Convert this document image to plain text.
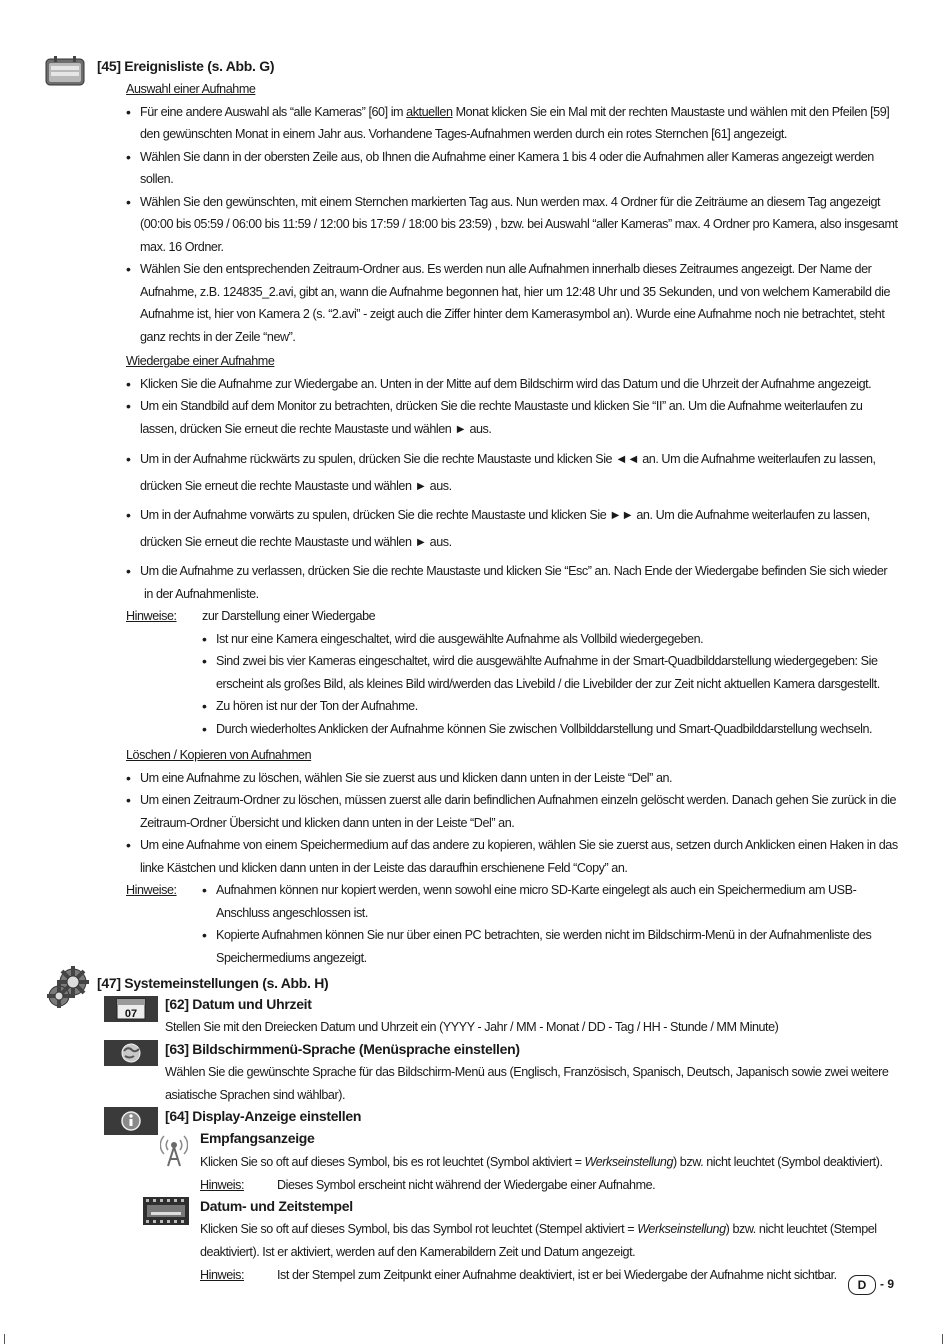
[45] Ereignisliste (s. Abb. G)
Auswahl einer Aufnahme
• Für eine andere Auswahl als “alle Kameras” [60] im aktuellen Monat klicken Sie ein Mal mit der rechten Maustaste und wählen mit den Pfeilen [59] den gewünschten Monat in einem Jahr aus. Vorhandene Tages-Aufnahmen werden durch ein rotes Sternchen [61] angezeigt.
• Wählen Sie dann in der obersten Zeile aus, ob Ihnen die Aufnahme einer Kamera 1 bis 4 oder die Aufnahmen aller Kameras angezeigt werden sollen.
• Wählen Sie den gewünschten, mit einem Sternchen markierten Tag aus. Nun werden max. 4 Ordner für die Zeiträume an diesem Tag angezeigt (00:00 bis 05:59 / 06:00 bis 11:59 / 12:00 bis 17:59 / 18:00 bis 23:59) , bzw. bei Auswahl “aller Kameras” max. 4 Ordner pro Kamera, also insgesamt max. 16 Ordner.
• Wählen Sie den entsprechenden Zeitraum-Ordner aus. Es werden nun alle Aufnahmen innerhalb dieses Zeitraumes angezeigt. Der Name der Aufnahme, z.B. 124835_2.avi, gibt an, wann die Aufnahme begonnen hat, hier um 12:48 Uhr und 35 Sekunden, und von welchem Kamerabild die Aufnahme ist, hier von Kamera 2 (s. “2.avi” - zeigt auch die Ziffer hinter dem Kamerasymbol an). Wurde eine Aufnahme noch nie betrachtet, steht ganz rechts in der Zeile “new”.
Wiedergabe einer Aufnahme
• Klicken Sie die Aufnahme zur Wiedergabe an. Unten in der Mitte auf dem Bildschirm wird das Datum und die Uhrzeit der Aufnahme angezeigt.
• Um ein Standbild auf dem Monitor zu betrachten, drücken Sie die rechte Maustaste und klicken Sie “II” an. Um die Aufnahme weiterlaufen zu lassen, drücken Sie erneut die rechte Maustaste und wählen ► aus.
• Um in der Aufnahme rückwärts zu spulen, drücken Sie die rechte Maustaste und klicken Sie ◄◄ an. Um die Aufnahme weiterlaufen zu lassen,
drücken Sie erneut die rechte Maustaste und wählen ► aus.
• Um in der Aufnahme vorwärts zu spulen, drücken Sie die rechte Maustaste und klicken Sie ►► an. Um die Aufnahme weiterlaufen zu lassen,
drücken Sie erneut die rechte Maustaste und wählen ► aus.
• Um die Aufnahme zu verlassen, drücken Sie die rechte Maustaste und klicken Sie “Esc” an. Nach Ende der Wiedergabe befinden Sie sich wieder
in der Aufnahmenliste.
Hinweise: zur Darstellung einer Wiedergabe
• Ist nur eine Kamera eingeschaltet, wird die ausgewählte Aufnahme als Vollbild wiedergegeben.
• Sind zwei bis vier Kameras eingeschaltet, wird die ausgewählte Aufnahme in der Smart-Quadbilddarstellung wiedergegeben: Sie erscheint als großes Bild, als kleines Bild wird/werden das Livebild / die Livebilder der zur Zeit nicht aktuellen Kamera darsgestellt.
• Zu hören ist nur der Ton der Aufnahme.
• Durch wiederholtes Anklicken der Aufnahme können Sie zwischen Vollbilddarstellung und Smart-Quadbilddarstellung wechseln.
Löschen / Kopieren von Aufnahmen
• Um eine Aufnahme zu löschen, wählen Sie sie zuerst aus und klicken dann unten in der Leiste “Del” an.
• Um einen Zeitraum-Ordner zu löschen, müssen zuerst alle darin befindlichen Aufnahmen einzeln gelöscht werden. Danach gehen Sie zurück in die Zeitraum-Ordner Übersicht und klicken dann unten in der Leiste “Del” an.
• Um eine Aufnahme von einem Speichermedium auf das andere zu kopieren, wählen Sie sie zuerst aus, setzen durch Anklicken einen Haken in das linke Kästchen und klicken dann unten in der Leiste das daraufhin erschienene Feld “Copy” an.
Hinweise: • Aufnahmen können nur kopiert werden, wenn sowohl eine micro SD-Karte eingelegt als auch ein Speichermedium am USB-Anschluss angeschlossen ist.
• Kopierte Aufnahmen können Sie nur über einen PC betrachten, sie werden nicht im Bildschirm-Menü in der Aufnahmenliste des Speichermediums angezeigt.
[47] Systemeinstellungen (s. Abb. H)
07
[62] Datum und Uhrzeit
Stellen Sie mit den Dreiecken Datum und Uhrzeit ein (YYYY - Jahr / MM - Monat / DD - Tag / HH - Stunde / MM Minute)
[63] Bildschirmmenü-Sprache (Menüsprache einstellen)
Wählen Sie die gewünschte Sprache für das Bildschirm-Menü aus (Englisch, Französisch, Spanisch, Deutsch, Japanisch sowie zwei weitere asiatische Sprachen sind wählbar).
[64] Display-Anzeige einstellen
Empfangsanzeige
Klicken Sie so oft auf dieses Symbol, bis es rot leuchtet (Symbol aktiviert = Werkseinstellung) bzw. nicht leuchtet (Symbol deaktiviert).
Hinweis:	Dieses Symbol erscheint nicht während der Wiedergabe einer Aufnahme.
Datum- und Zeitstempel
Klicken Sie so oft auf dieses Symbol, bis das Symbol rot leuchtet (Stempel aktiviert = Werkseinstellung) bzw. nicht leuchtet (Stempel deaktiviert). Ist er aktiviert, werden auf den Kamerabildern Zeit und Datum angezeigt.
Hinweis:	Ist der Stempel zum Zeitpunkt einer Aufnahme deaktiviert, ist er bei Wiedergabe der Aufnahme nicht sichtbar.
D	- 9
